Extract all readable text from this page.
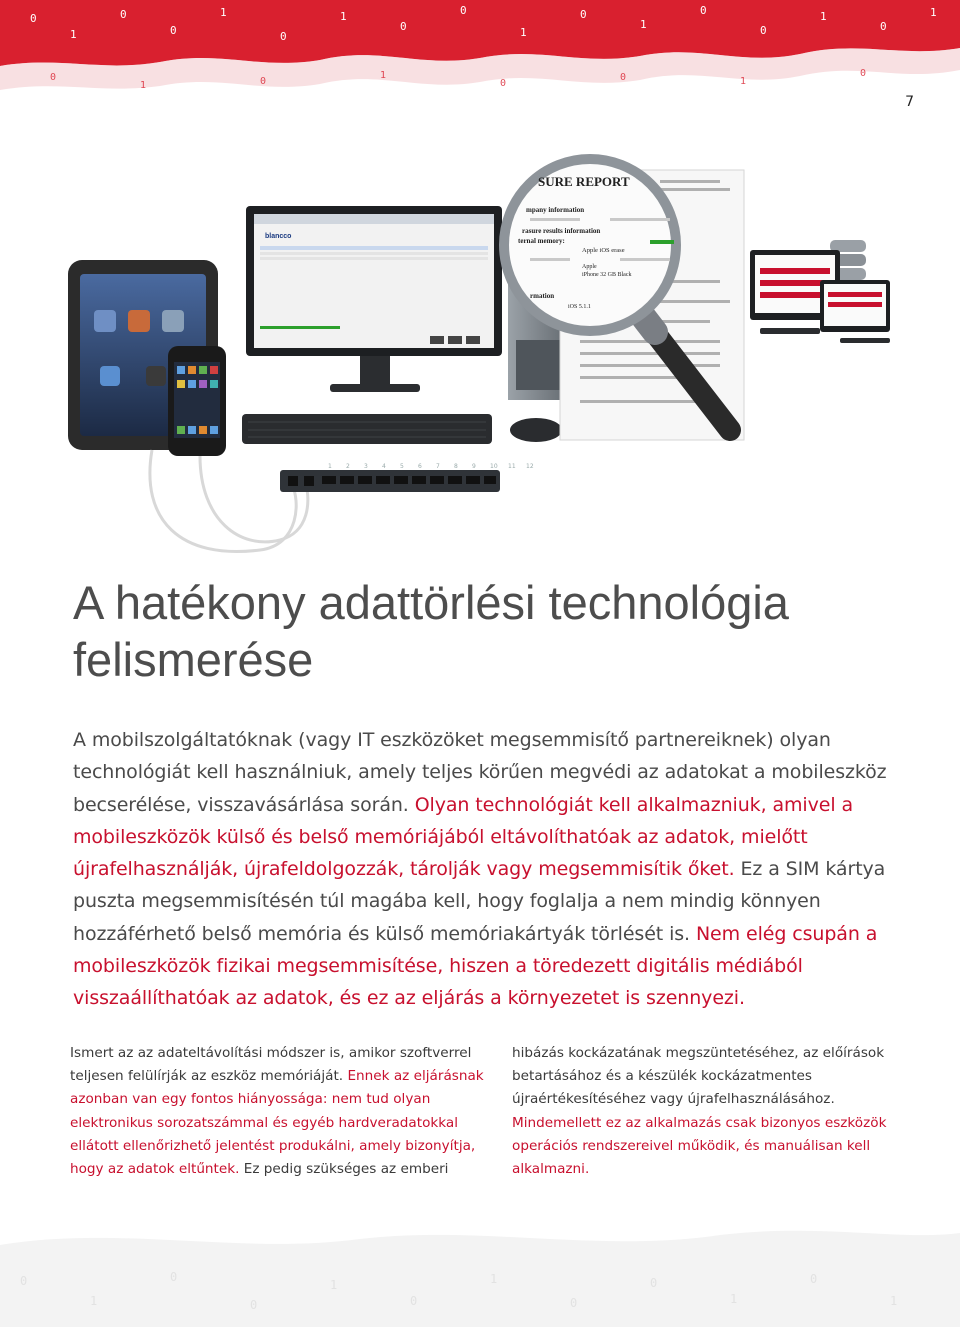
0
1
0
0
1
0
1
0
0
1
0
1
0
0
1
0
1
0
1	0
1
0
0	1
0
7
blancco
SURE REPORT
mpany information
rasure results information
ternal memory:
Apple iOS erase
Apple
iPhone 32 GB Black
rmation
iOS 5.1.1
1 2 3 4 5 6 7 8 9 10 11 12
A hatékony adattörlési technológia
felismerése

A mobilszolgáltatóknak (vagy IT eszközöket megsemmisítő partnereiknek) olyan technológiát kell használniuk, amely teljes körűen megvédi az adatokat a mobileszköz becserélése, visszavásárlása során. Olyan technológiát kell alkalmazniuk, amivel a mobileszközök külső és belső memóriájából eltávolíthatóak az adatok, mielőtt újrafelhasználják, újrafeldolgozzák, tárolják vagy megsemmisítik őket. Ez a SIM kártya puszta megsemmisítésén túl magába kell, hogy foglalja a nem mindig könnyen hozzáférhető belső memória és külső memóriakártyák törlését is. Nem elég csupán a mobileszközök fizikai megsemmisítése, hiszen a töredezett digitális médiából visszaállíthatóak az adatok, és ez az eljárás a környezetet is szennyezi.

Ismert az az adateltávolítási módszer is, amikor szoftverrel teljesen felülírják az eszköz memóriáját. Ennek az eljárásnak azonban van egy fontos hiányossága: nem tud olyan elektronikus sorozatszámmal és egyéb hardveradatokkal ellátott ellenőrizhető jelentést produkálni, amely bizonyítja, hogy az adatok eltűntek. Ez pedig szükséges az emberi

hibázás kockázatának megszüntetéséhez, az előírások betartásához és a készülék kockázatmentes újraértékesítéséhez vagy újrafelhasználásához. Mindemellett ez az alkalmazás csak bizonyos eszközök operációs rendszereivel működik, és manuálisan kell alkalmazni.

0
1
0
0
1
0
1
0
0
1
0
1
